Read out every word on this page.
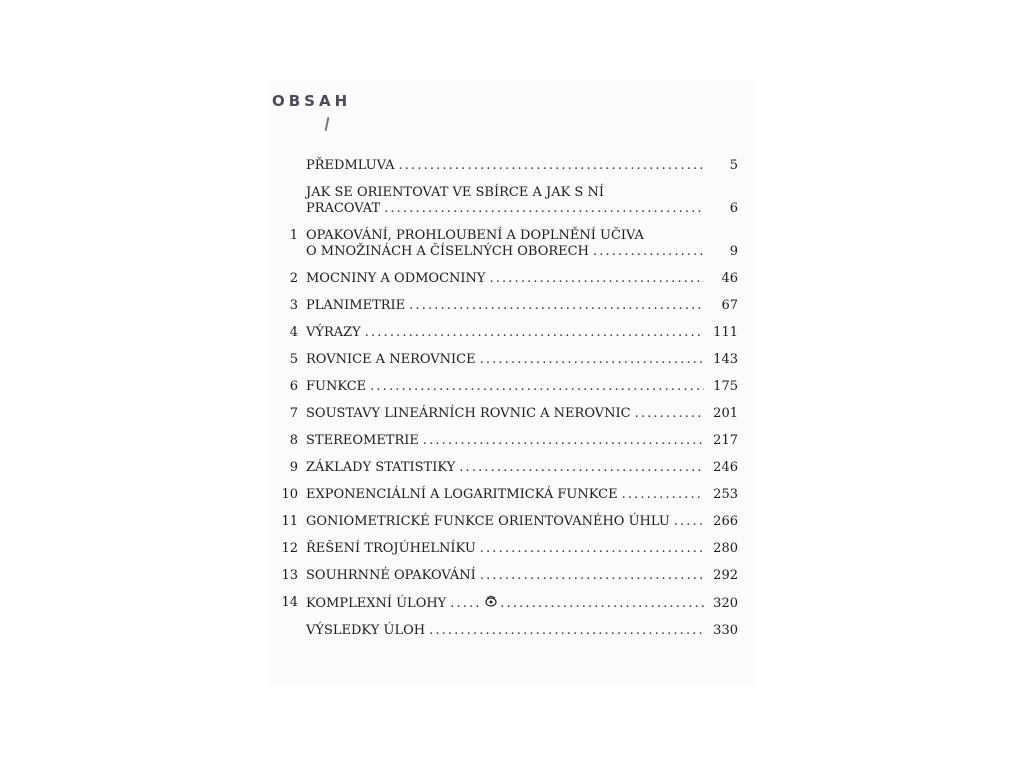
OBSAH
PŘEDMLUVA . . .	5
JAK SE ORIENTOVAT VE SBÍRCE A JAK S NÍ
PRACOVAT . . .	6
1 OPAKOVÁNÍ, PROHLOUBENÍ A DOPLNĚNÍ UČIVA
O MNOŽINÁCH A ČÍSELNÝCH OBORECH . . .	9
2 MOCNINY A ODMOCNINY . . .	46
3 PLANIMETRIE . . .	67
4 VÝRAZY . . .	111
5 ROVNICE A NEROVNICE . . .	143
6 FUNKCE . . .	175
7 SOUSTAVY LINEÁRNÍCH ROVNIC A NEROVNIC . . .	201
8 STEREOMETRIE . . .	217
9 ZÁKLADY STATISTIKY . . .	246
10 EXPONENCIÁLNÍ A LOGARITMICKÁ FUNKCE . . .	253
11 GONIOMETRICKÉ FUNKCE ORIENTOVANÉHO ÚHLU . . .	266
12 ŘEŠENÍ TROJÚHELNÍKU . . .	280
13 SOUHRNNÉ OPAKOVÁNÍ . . .	292
14 KOMPLEXNÍ ÚLOHY . . . . . .	320
VÝSLEDKY ÚLOH . . .	330
